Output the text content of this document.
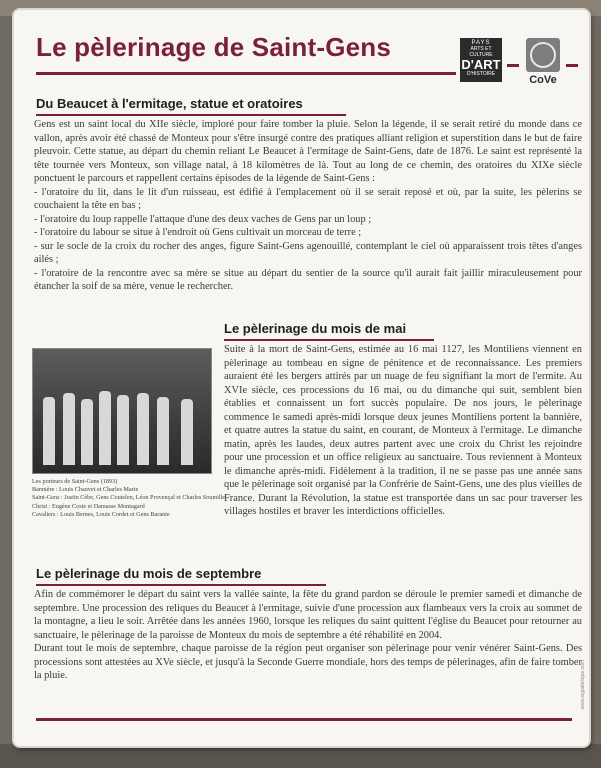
Le pèlerinage de Saint-Gens	PAYS
ARTS ET CULTURE
D'ART
D'HISTOIRE	CoVe
Du Beaucet à l'ermitage, statue et oratoires

Gens est un saint local du XIIe siècle, imploré pour faire tomber la pluie. Selon la légende, il se serait retiré du monde dans ce vallon, après avoir été chassé de Monteux pour s'être insurgé contre des pratiques alliant religion et superstition dans le but de faire pleuvoir. Cette statue, au départ du chemin reliant Le Beaucet à l'ermitage de Saint-Gens, date de 1876. Le saint est représenté la tête tournée vers Monteux, son village natal, à 18 kilomètres de là. Tout au long de ce chemin, des oratoires du XIXe siècle ponctuent le parcours et rappellent certains épisodes de la légende de Saint-Gens :
- l'oratoire du lit, dans le lit d'un ruisseau, est édifié à l'emplacement où il se serait reposé et où, par la suite, les pèlerins se couchaient la tête en bas ;
- l'oratoire du loup rappelle l'attaque d'une des deux vaches de Gens par un loup ;
- l'oratoire du labour se situe à l'endroit où Gens cultivait un morceau de terre ;
- sur le socle de la croix du rocher des anges, figure Saint-Gens agenouillé, contemplant le ciel où apparaissent trois têtes d'anges ailés ;
- l'oratoire de la rencontre avec sa mère se situe au départ du sentier de la source qu'il aurait fait jaillir miraculeusement pour étancher la soif de sa mère, venue le rechercher.

Le pèlerinage du mois de mai

Suite à la mort de Saint-Gens, estimée au 16 mai 1127, les Montiliens viennent en pèlerinage au tombeau en signe de pénitence et de reconnaissance. Les premiers auraient été les bergers attirés par un nuage de feu signifiant la mort de l'ermite. Au XVIe siècle, ces processions du 16 mai, ou du dimanche qui suit, semblent bien établies et connaissent un fort succès populaire. De nos jours, le pèlerinage commence le samedi après-midi lorsque deux jeunes Montiliens portent la bannière, et quatre autres la statue du saint, en courant, de Monteux à l'ermitage. Le dimanche matin, après les laudes, deux autres partent avec une croix du Christ les rejoindre pour une procession et un office religieux au sanctuaire. Tous reviennent à Monteux le dimanche après-midi. Fidèlement à la tradition, il ne se passe pas une année sans que le pèlerinage soit organisé par la Confrérie de Saint-Gens, une des plus vieilles de France. Durant la Révolution, la statue est transportée dans un sac pour traverser les villages hostiles et braver les interdictions officielles.

Les porteurs de Saint-Gens (1893)
Bannière : Louis Chauvet et Charles Marie
Saint-Gens : Justin Cèbe, Gens Coutelen, Léon Provençal et Charles Soumille
Christ : Eugène Coste et Damasse Montagard
Cavaliers : Louis Bernes, Louis Cordet et Gens Baranie
Le pèlerinage du mois de septembre

Afin de commémorer le départ du saint vers la vallée sainte, la fête du grand pardon se déroule le premier samedi et dimanche de septembre. Une procession des reliques du Beaucet à l'ermitage, suivie d'une procession aux flambeaux vers la croix au sommet de la montagne, a lieu le soir. Arrêtée dans les années 1960, lorsque les reliques du saint quittent l'église du Beaucet pour retourner au sanctuaire, le pèlerinage de la paroisse de Monteux du mois de septembre a été réhabilité en 2004.
Durant tout le mois de septembre, chaque paroisse de la région peut organiser son pèlerinage pour venir vénérer Saint-Gens. Des processions sont attestées au XVe siècle, et jusqu'à la Seconde Guerre mondiale, hors des temps de pèlerinages, afin de faire tomber la pluie.	www.signaletique.com
